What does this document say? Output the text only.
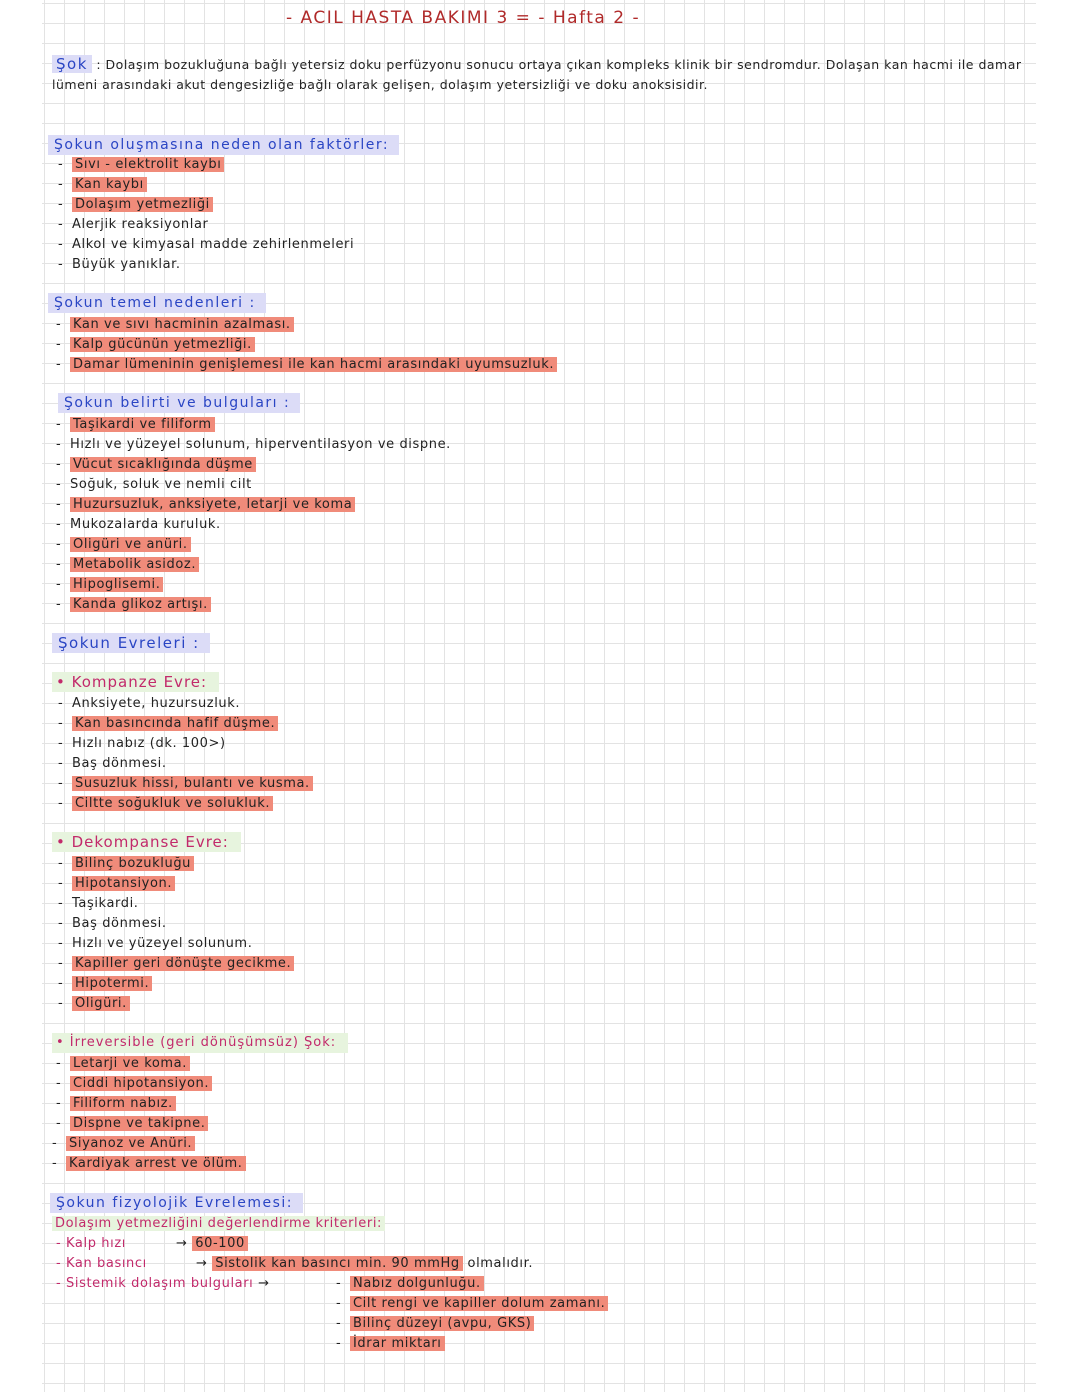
- ACIL HASTA BAKIMI 3 = - Hafta 2 -
Şok : Dolaşım bozukluğuna bağlı yetersiz doku perfüzyonu sonucu ortaya çıkan kompleks klinik bir sendromdur. Dolaşan kan hacmi ile damar lümeni arasındaki akut dengesizliğe bağlı olarak gelişen, dolaşım yetersizliği ve doku anoksisidir.
Şokun oluşmasına neden olan faktörler:
- Sıvı - elektrolit kaybı
- Kan kaybı
- Dolaşım yetmezliği
- Alerjik reaksiyonlar
- Alkol ve kimyasal madde zehirlenmeleri
- Büyük yanıklar.
Şokun temel nedenleri :
- Kan ve sıvı hacminin azalması.
- Kalp gücünün yetmezliği.
- Damar lümeninin genişlemesi ile kan hacmi arasındaki uyumsuzluk.
Şokun belirti ve bulguları :
- Taşikardi ve filiform
- Hızlı ve yüzeyel solunum, hiperventilasyon ve dispne.
- Vücut sıcaklığında düşme
- Soğuk, soluk ve nemli cilt
- Huzursuzluk, anksiyete, letarji ve koma
- Mukozalarda kuruluk.
- Oligüri ve anüri.
- Metabolik asidoz.
- Hipoglisemi.
- Kanda glikoz artışı.
Şokun Evreleri :
• Kompanze Evre:
- Anksiyete, huzursuzluk.
- Kan basıncında hafif düşme.
- Hızlı nabız (dk. 100>)
- Baş dönmesi.
- Susuzluk hissi, bulantı ve kusma.
- Ciltte soğukluk ve solukluk.
• Dekompanse Evre:
- Bilinç bozukluğu
- Hipotansiyon.
- Taşikardi.
- Baş dönmesi.
- Hızlı ve yüzeyel solunum.
- Kapiller geri dönüşte gecikme.
- Hipotermi.
- Oligüri.
• İrreversible (geri dönüşümsüz) Şok:
- Letarji ve koma.
- Ciddi hipotansiyon.
- Filiform nabız.
- Dispne ve takipne.
- Siyanoz ve Anüri.
- Kardiyak arrest ve ölüm.
Şokun fizyolojik Evrelemesi:
Dolaşım yetmezliğini değerlendirme kriterleri:
- Kalp hızı	→ 60-100
- Kan basıncı	→ Sistolik kan basıncı min. 90 mmHg olmalıdır.
- Sistemik dolaşım bulguları →	- Nabız dolgunluğu.
- Cilt rengi ve kapiller dolum zamanı.
- Bilinç düzeyi (avpu, GKS)
- İdrar miktarı
